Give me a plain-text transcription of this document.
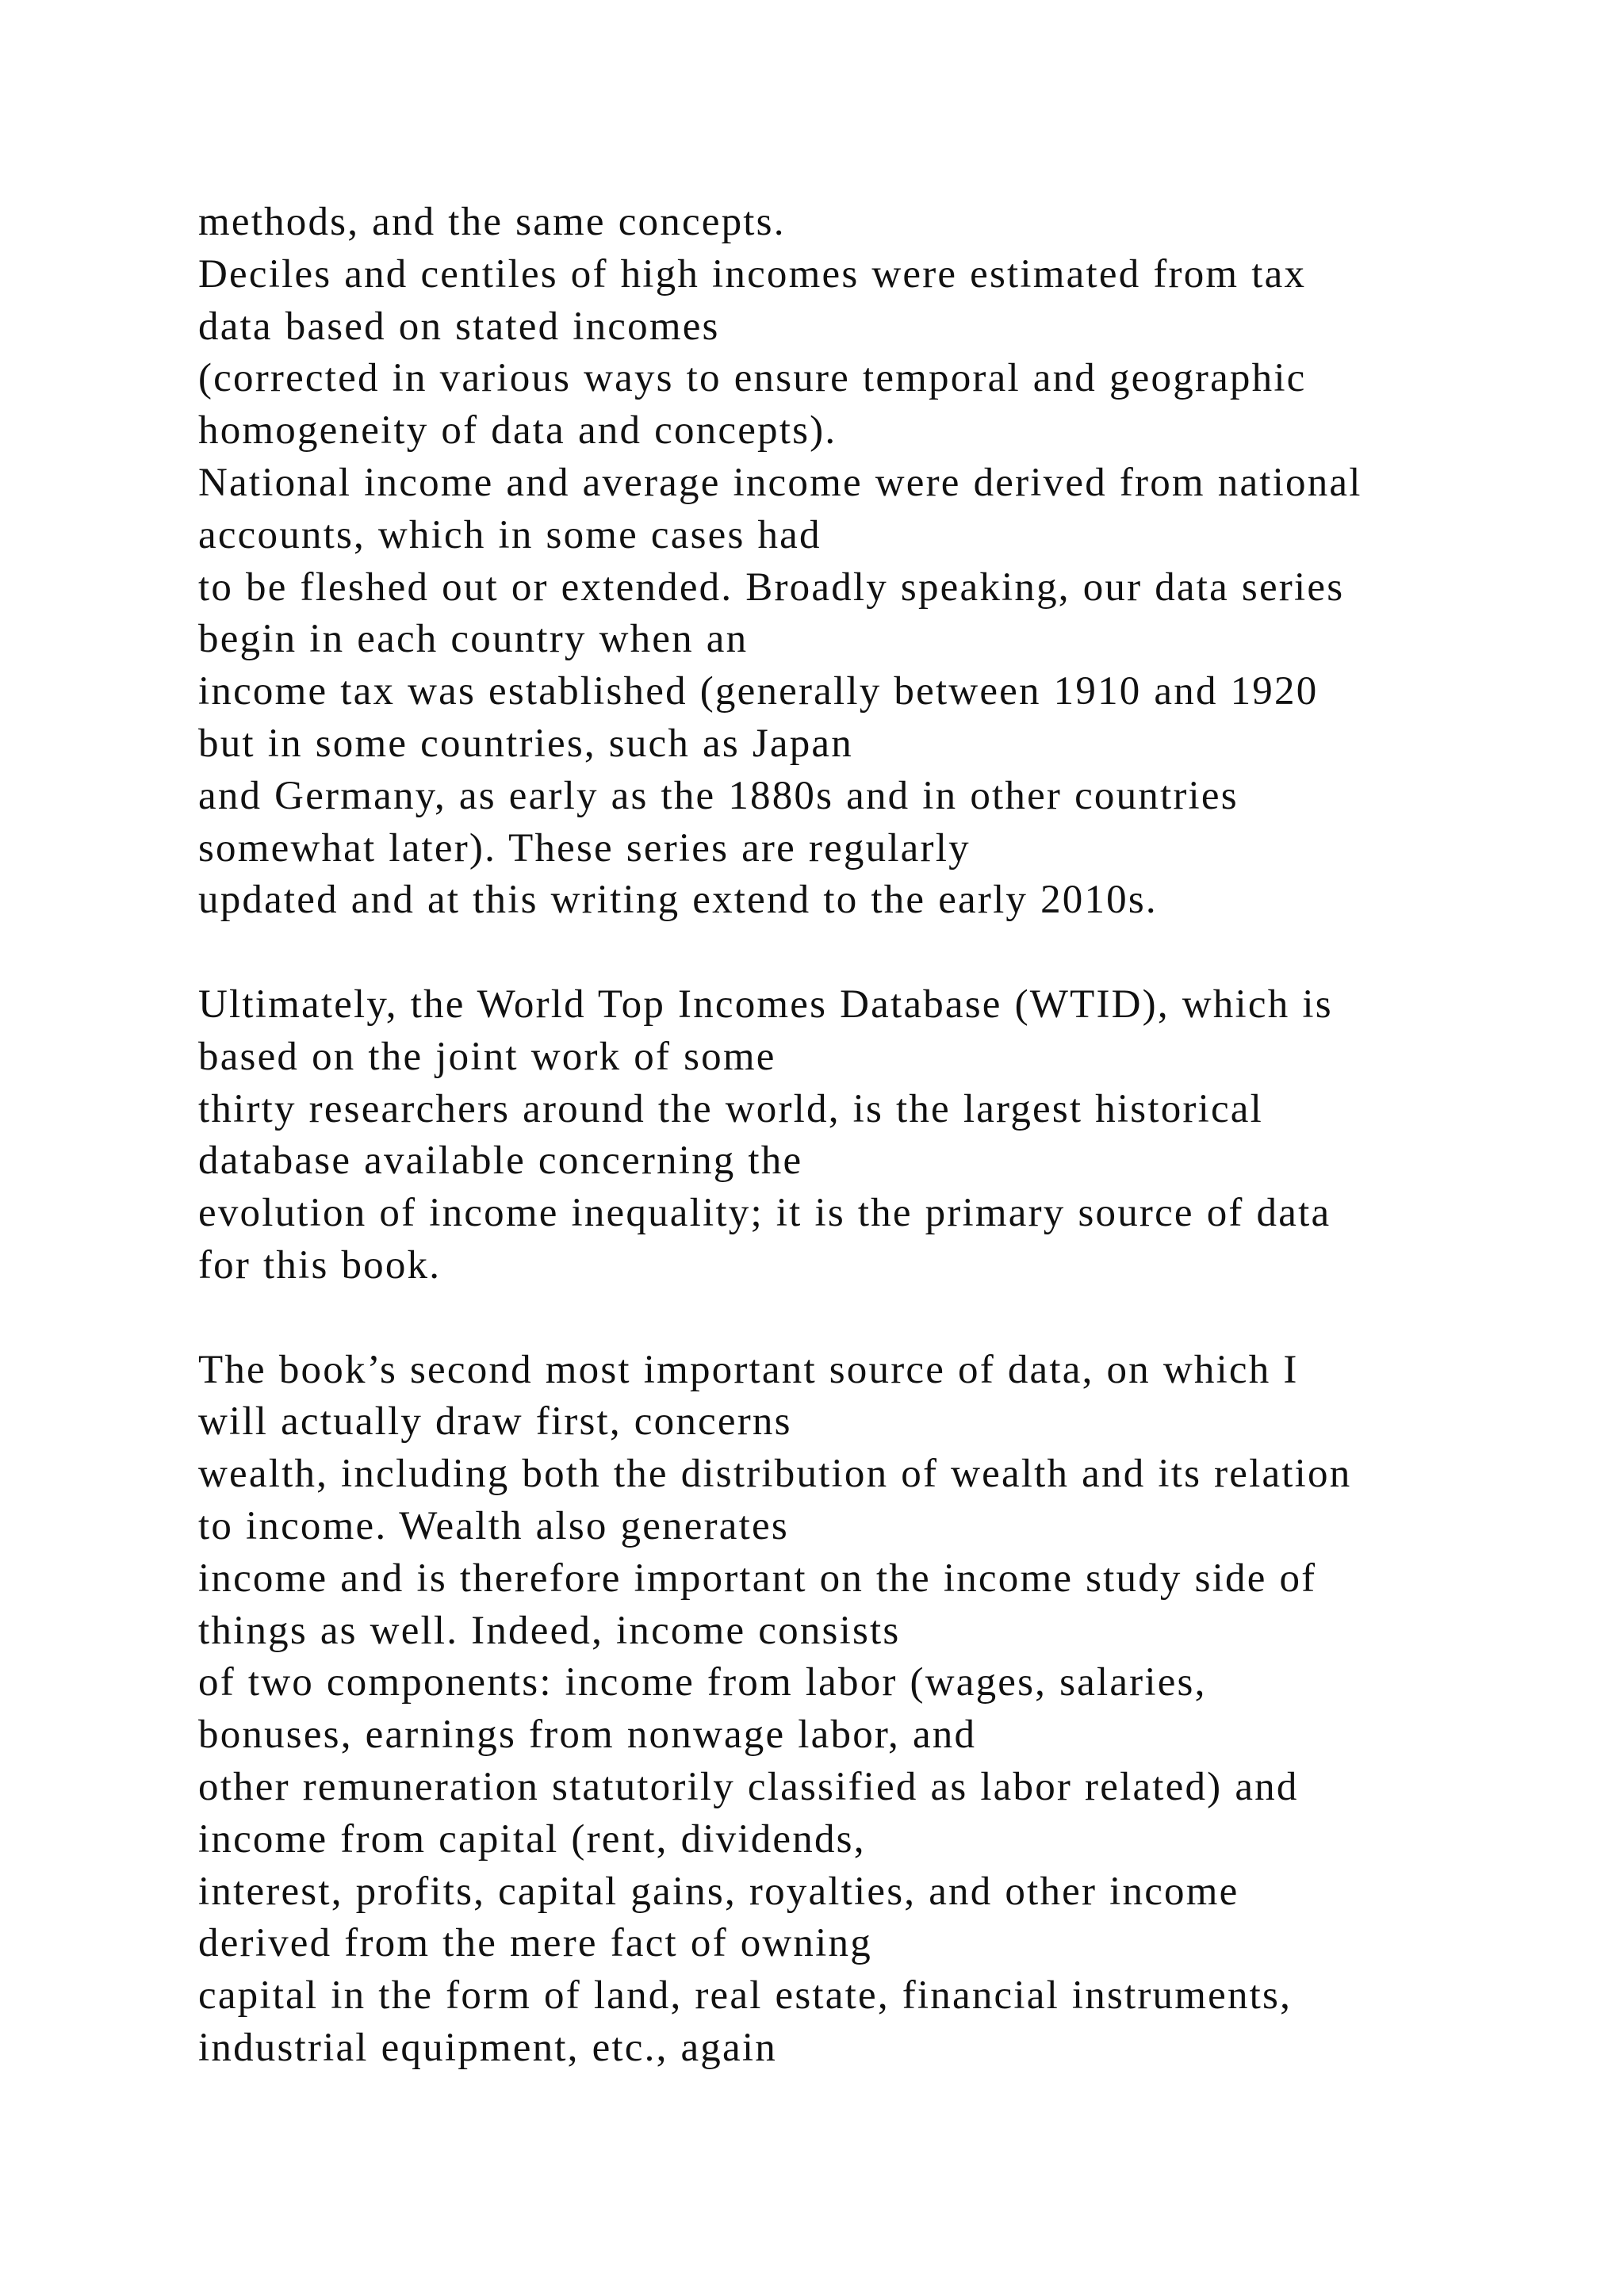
methods, and the same concepts.
Deciles and centiles of high incomes were estimated from tax
data based on stated incomes
(corrected in various ways to ensure temporal and geographic
homogeneity of data and concepts).
National income and average income were derived from national
accounts, which in some cases had
to be fleshed out or extended. Broadly speaking, our data series
begin in each country when an
income tax was established (generally between 1910 and 1920
but in some countries, such as Japan
and Germany, as early as the 1880s and in other countries
somewhat later). These series are regularly
updated and at this writing extend to the early 2010s.
Ultimately, the World Top Incomes Database (WTID), which is
based on the joint work of some
thirty researchers around the world, is the largest historical
database available concerning the
evolution of income inequality; it is the primary source of data
for this book.
The book’s second most important source of data, on which I
will actually draw first, concerns
wealth, including both the distribution of wealth and its relation
to income. Wealth also generates
income and is therefore important on the income study side of
things as well. Indeed, income consists
of two components: income from labor (wages, salaries,
bonuses, earnings from nonwage labor, and
other remuneration statutorily classified as labor related) and
income from capital (rent, dividends,
interest, profits, capital gains, royalties, and other income
derived from the mere fact of owning
capital in the form of land, real estate, financial instruments,
industrial equipment, etc., again
